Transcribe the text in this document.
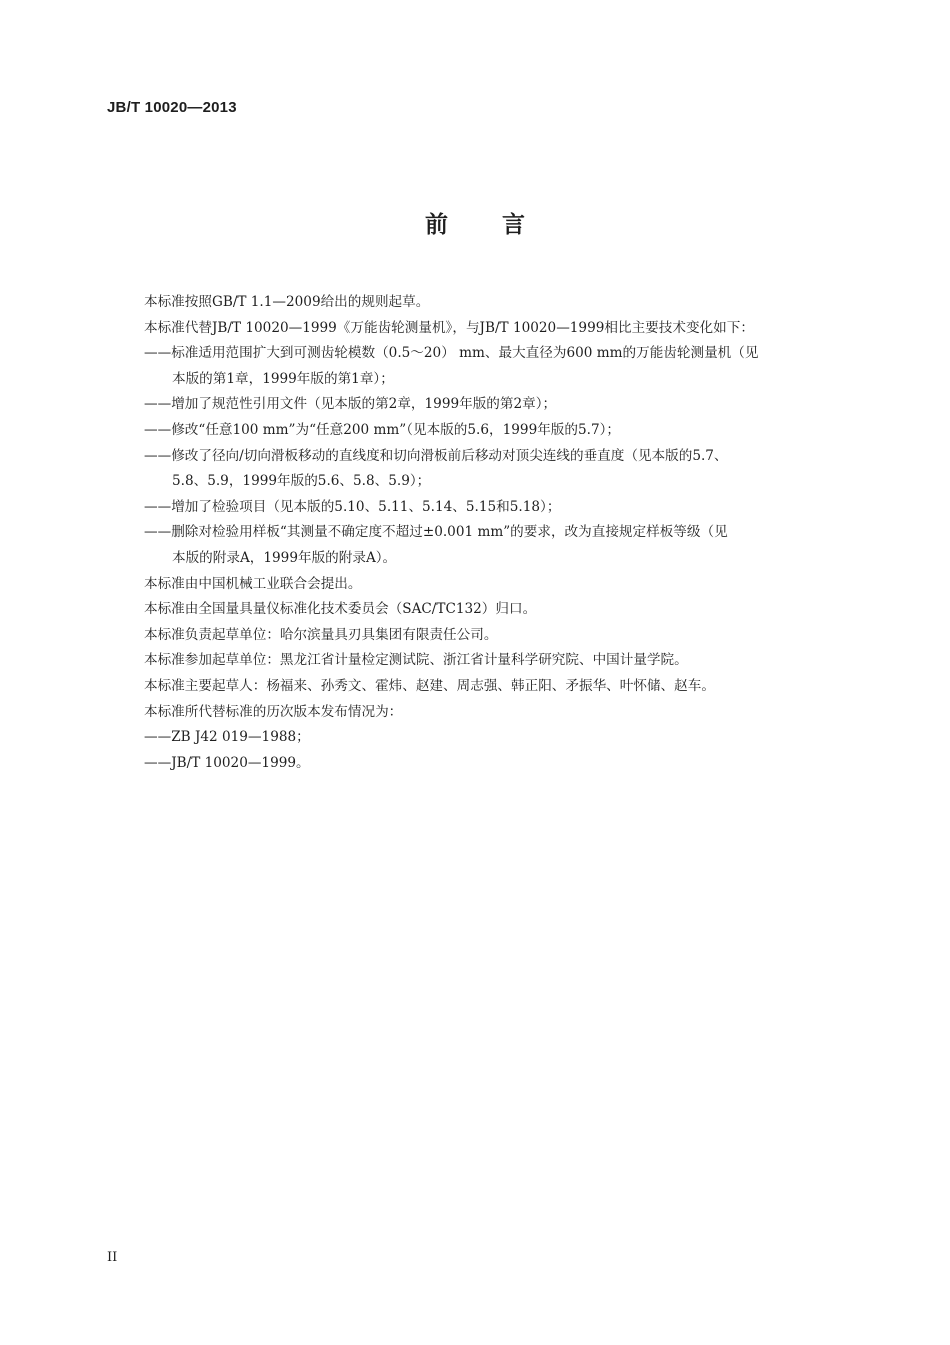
JB/T 10020—2013
前 言
本标准按照GB/T 1.1—2009给出的规则起草。
本标准代替JB/T 10020—1999《万能齿轮测量机》，与JB/T 10020—1999相比主要技术变化如下：
——标准适用范围扩大到可测齿轮模数（0.5～20） mm、最大直径为600 mm的万能齿轮测量机（见
本版的第1章，1999年版的第1章）；
——增加了规范性引用文件（见本版的第2章，1999年版的第2章）；
——修改“任意100 mm”为“任意200 mm”（见本版的5.6，1999年版的5.7）；
——修改了径向/切向滑板移动的直线度和切向滑板前后移动对顶尖连线的垂直度（见本版的5.7、
5.8、5.9，1999年版的5.6、5.8、5.9）；
——增加了检验项目（见本版的5.10、5.11、5.14、5.15和5.18）；
——删除对检验用样板“其测量不确定度不超过±0.001 mm”的要求，改为直接规定样板等级（见
本版的附录A，1999年版的附录A）。
本标准由中国机械工业联合会提出。
本标准由全国量具量仪标准化技术委员会（SAC/TC132）归口。
本标准负责起草单位：哈尔滨量具刃具集团有限责任公司。
本标准参加起草单位：黑龙江省计量检定测试院、浙江省计量科学研究院、中国计量学院。
本标准主要起草人：杨福来、孙秀文、霍炜、赵建、周志强、韩正阳、矛振华、叶怀储、赵车。
本标准所代替标准的历次版本发布情况为：
——ZB J42 019—1988；
——JB/T 10020—1999。
II
